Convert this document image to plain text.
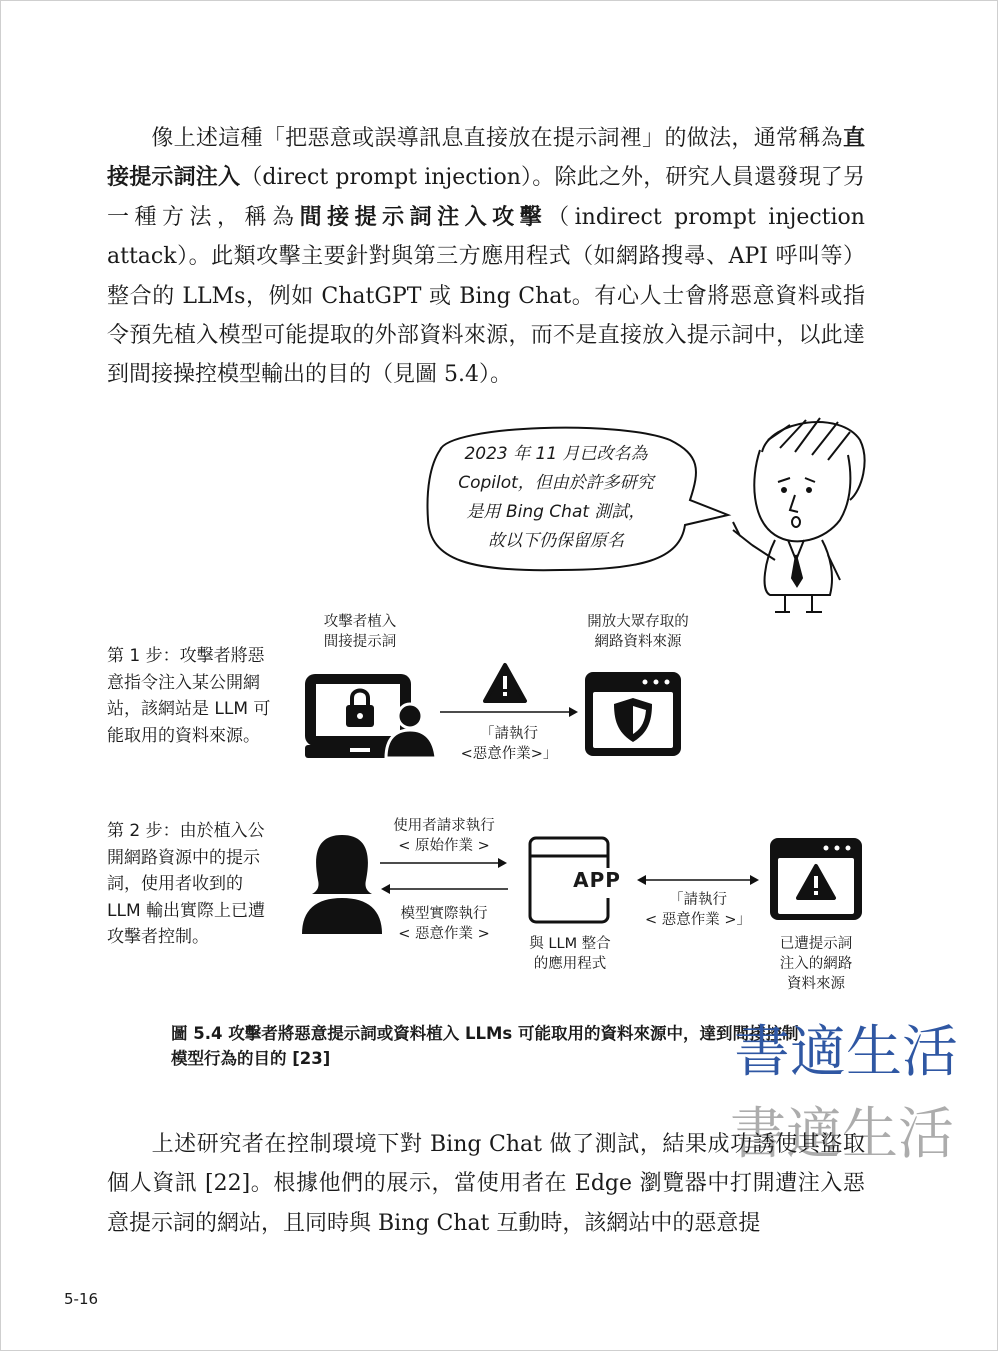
像上述這種「把惡意或誤導訊息直接放在提示詞裡」的做法，通常稱為直接提示詞注入（direct prompt injection）。除此之外，研究人員還發現了另一種方法，稱為間接提示詞注入攻擊（indirect prompt injection attack）。此類攻擊主要針對與第三方應用程式（如網路搜尋、API 呼叫等）整合的 LLMs，例如 ChatGPT 或 Bing Chat。有心人士會將惡意資料或指令預先植入模型可能提取的外部資料來源，而不是直接放入提示詞中，以此達到間接操控模型輸出的目的（見圖 5.4）。

2023 年 11 月已改名為
Copilot，但由於許多研究
是用 Bing Chat 測試，
故以下仍保留原名

第 1 步：攻擊者將惡意指令注入某公開網站，該網站是 LLM 可能取用的資料來源。

第 2 步：由於植入公開網路資源中的提示詞，使用者收到的 LLM 輸出實際上已遭攻擊者控制。

攻擊者植入
間接提示詞
開放大眾存取的
網路資料來源
「請執行
<惡意作業>」
使用者請求執行
< 原始作業 >
模型實際執行
< 惡意作業 >
APP
與 LLM 整合
的應用程式
「請執行
< 惡意作業 >」
已遭提示詞
注入的網路
資料來源

圖 5.4 攻擊者將惡意提示詞或資料植入 LLMs 可能取用的資料來源中，達到間接控制模型行為的目的 [23]	書適生活
書適生活

上述研究者在控制環境下對 Bing Chat 做了測試，結果成功誘使其盜取個人資訊 [22]。根據他們的展示，當使用者在 Edge 瀏覽器中打開遭注入惡意提示詞的網站，且同時與 Bing Chat 互動時，該網站中的惡意提

5-16
